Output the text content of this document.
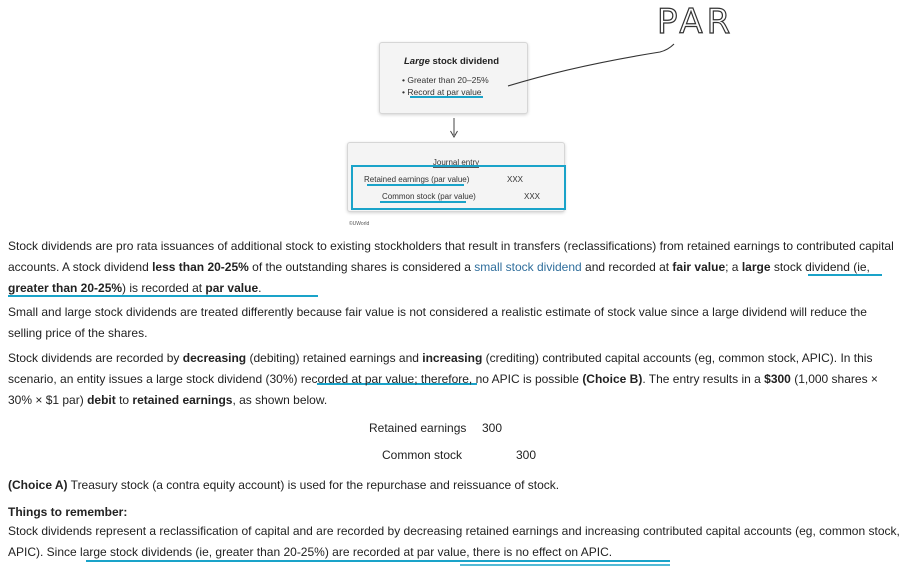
Large stock dividend
• Greater than 20–25%
• Record at par value
Journal entry
Retained earnings (par value)	XXX
Common stock (par value)	XXX
©UWorld
PAR

Stock dividends are pro rata issuances of additional stock to existing stockholders that result in transfers (reclassifications) from retained earnings to contributed capital accounts. A stock dividend less than 20-25% of the outstanding shares is considered a small stock dividend and recorded at fair value; a large stock dividend (ie, greater than 20-25%) is recorded at par value.

Small and large stock dividends are treated differently because fair value is not considered a realistic estimate of stock value since a large dividend will reduce the selling price of the shares.

Stock dividends are recorded by decreasing (debiting) retained earnings and increasing (crediting) contributed capital accounts (eg, common stock, APIC). In this scenario, an entity issues a large stock dividend (30%) recorded at par value; therefore, no APIC is possible (Choice B). The entry results in a $300 (1,000 shares × 30% × $1 par) debit to retained earnings, as shown below.

Retained earnings 300
Common stock	300

(Choice A) Treasury stock (a contra equity account) is used for the repurchase and reissuance of stock.

Things to remember:

Stock dividends represent a reclassification of capital and are recorded by decreasing retained earnings and increasing contributed capital accounts (eg, common stock, APIC). Since large stock dividends (ie, greater than 20-25%) are recorded at par value, there is no effect on APIC.
